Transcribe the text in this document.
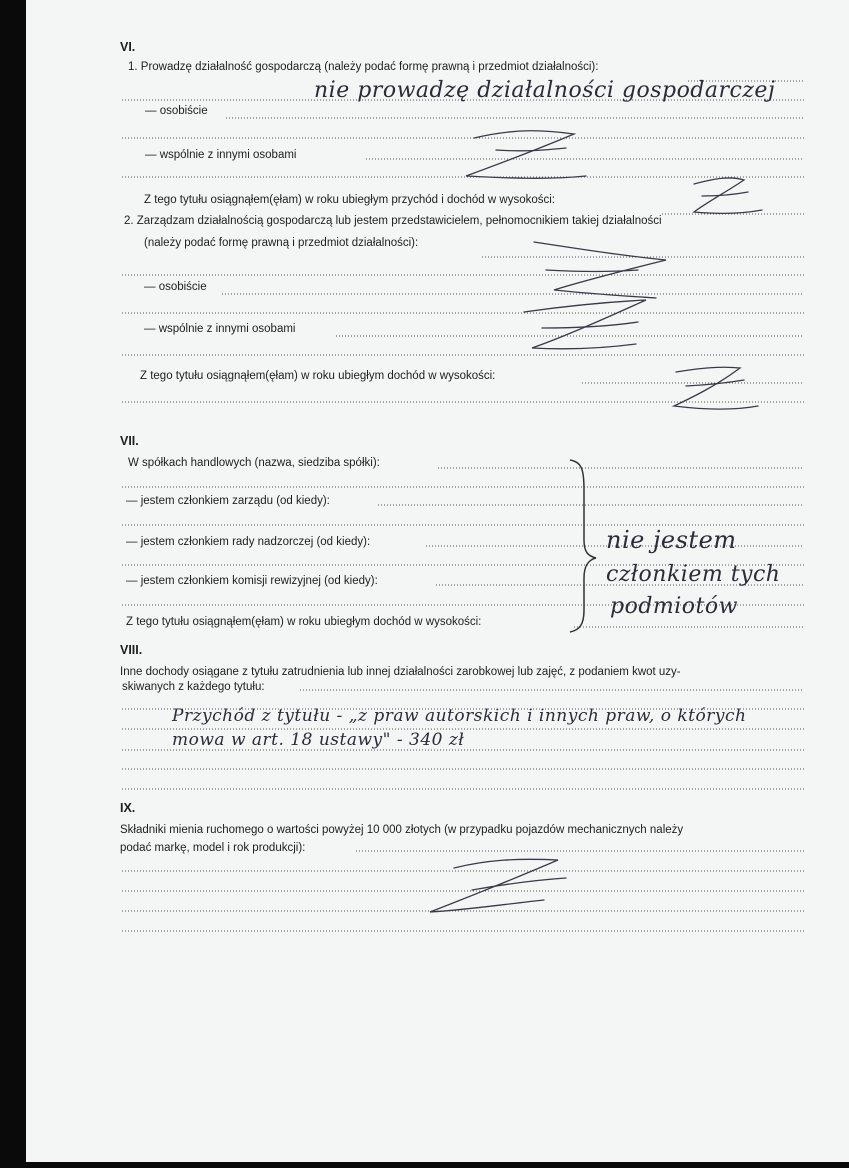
VI.
1. Prowadzę działalność gospodarczą (należy podać formę prawną i przedmiot działalności):
— osobiście
— wspólnie z innymi osobami
Z tego tytułu osiągnąłem(ęłam) w roku ubiegłym przychód i dochód w wysokości:
2. Zarządzam działalnością gospodarczą lub jestem przedstawicielem, pełnomocnikiem takiej działalności
(należy podać formę prawną i przedmiot działalności):
— osobiście
— wspólnie z innymi osobami
Z tego tytułu osiągnąłem(ęłam) w roku ubiegłym dochód w wysokości:
nie prowadzę działalności gospodarczej
VII.
W spółkach handlowych (nazwa, siedziba spółki):
— jestem członkiem zarządu (od kiedy):
— jestem członkiem rady nadzorczej (od kiedy):
— jestem członkiem komisji rewizyjnej (od kiedy):
Z tego tytułu osiągnąłem(ęłam) w roku ubiegłym dochód w wysokości:
nie jestem
członkiem tych
podmiotów
VIII.
Inne dochody osiągane z tytułu zatrudnienia lub innej działalności zarobkowej lub zajęć, z podaniem kwot uzy-
skiwanych z każdego tytułu:
Przychód z tytułu - „z praw autorskich i innych praw, o których
mowa w art. 18 ustawy" - 340 zł
IX.
Składniki mienia ruchomego o wartości powyżej 10 000 złotych (w przypadku pojazdów mechanicznych należy
podać markę, model i rok produkcji):
